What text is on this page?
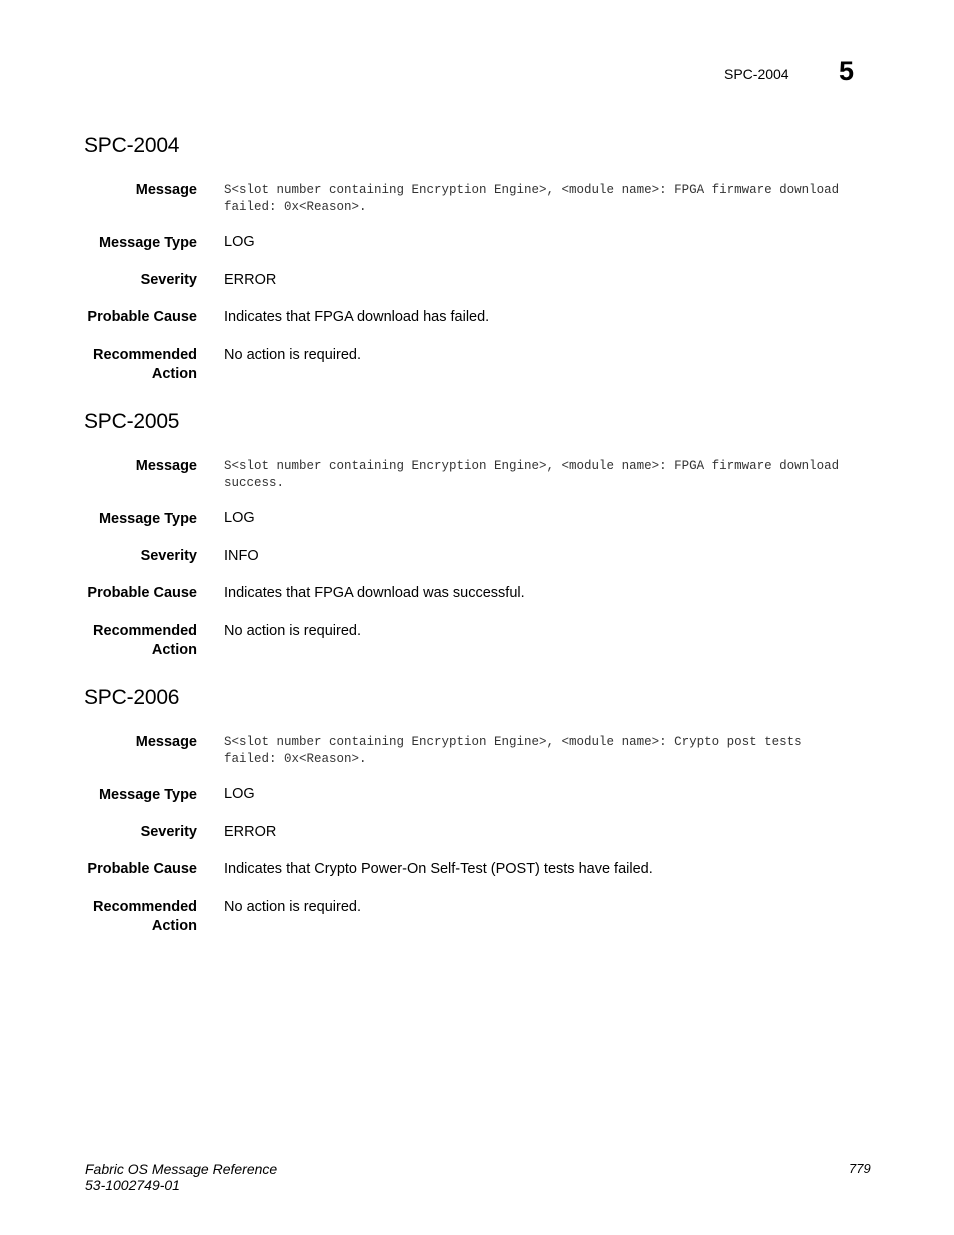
SPC-2004 5
SPC-2004
Message S<slot number containing Encryption Engine>, <module name>: FPGA firmware download failed: 0x<Reason>.
Message Type LOG
Severity ERROR
Probable Cause Indicates that FPGA download has failed.
Recommended
Action
No action is required.
SPC-2005
Message S<slot number containing Encryption Engine>, <module name>: FPGA firmware download success.
Message Type LOG
Severity INFO
Probable Cause Indicates that FPGA download was successful.
Recommended
Action
No action is required.
SPC-2006
Message S<slot number containing Encryption Engine>, <module name>: Crypto post tests failed: 0x<Reason>.
Message Type LOG
Severity ERROR
Probable Cause Indicates that Crypto Power-On Self-Test (POST) tests have failed.
Recommended
Action
No action is required.
Fabric OS Message Reference
53-1002749-01
779
